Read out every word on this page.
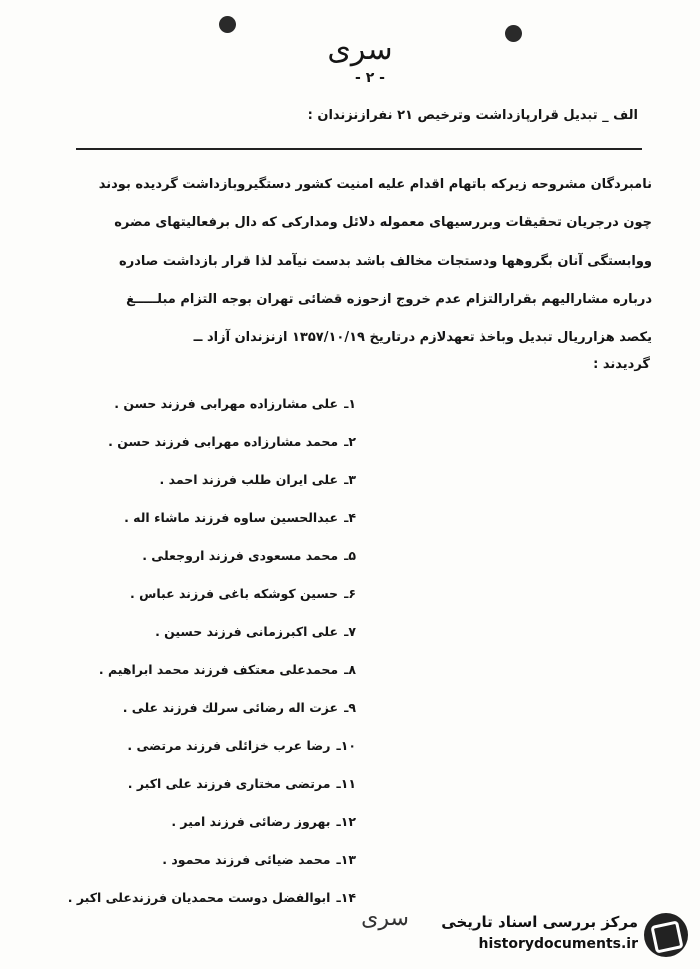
سری
- ۲ -
الف _ تبدیل قرارپازداشت وترخیص ۲۱ نفرازنزندان :
نامبردگان مشروحه زیرکه باتهام اقدام علیه امنیت کشور دستگیروبازداشت گردیده بودند
چون درجریان تحقیقات وبررسیهای معموله دلائل ومدارکی که دال برفعالیتهای مضره
ووابستگی آنان بگروهها ودستجات مخالف باشد بدست نیآمد لذا قرار بازداشت صادره
درباره مشارالیهم بقرارالتزام عدم خروج ازحوزه قضائی تهران بوجه التزام مبلـــــغ
یکصد هزارریال تبدیل وباخذ تعهدلازم درتاریخ ۱۳۵۷/۱۰/۱۹ ازنزندان آزاد ــ
گردیدند :
۱ـعلی مشارزاده مهرابی فرزند حسن .
۲ـمحمد مشارزاده مهرابی فرزند حسن .
۳ـعلی ایران طلب فرزند احمد .
۴ـعبدالحسین ساوه فرزند ماشاء اله .
۵ـمحمد مسعودی فرزند اروجعلی .
۶ـحسین کوشکه باغی فرزند عباس .
۷ـعلی اکبرزمانی فرزند حسین .
۸ـمحمدعلی معتکف فرزند محمد ابراهیم .
۹ـعزت اله رضائی سرلك فرزند علی .
۱۰ـرضا عرب خزائلی فرزند مرتضی .
۱۱ـمرتضی مختاری فرزند علی اکبر .
۱۲ـبهروز رضائی فرزند امیر .
۱۳ـمحمد ضیائی فرزند محمود .
۱۴ـابوالفضل دوست محمدیان فرزندعلی اکبر .
سری	مرکز بررسی اسناد تاریخی
historydocuments.ir
